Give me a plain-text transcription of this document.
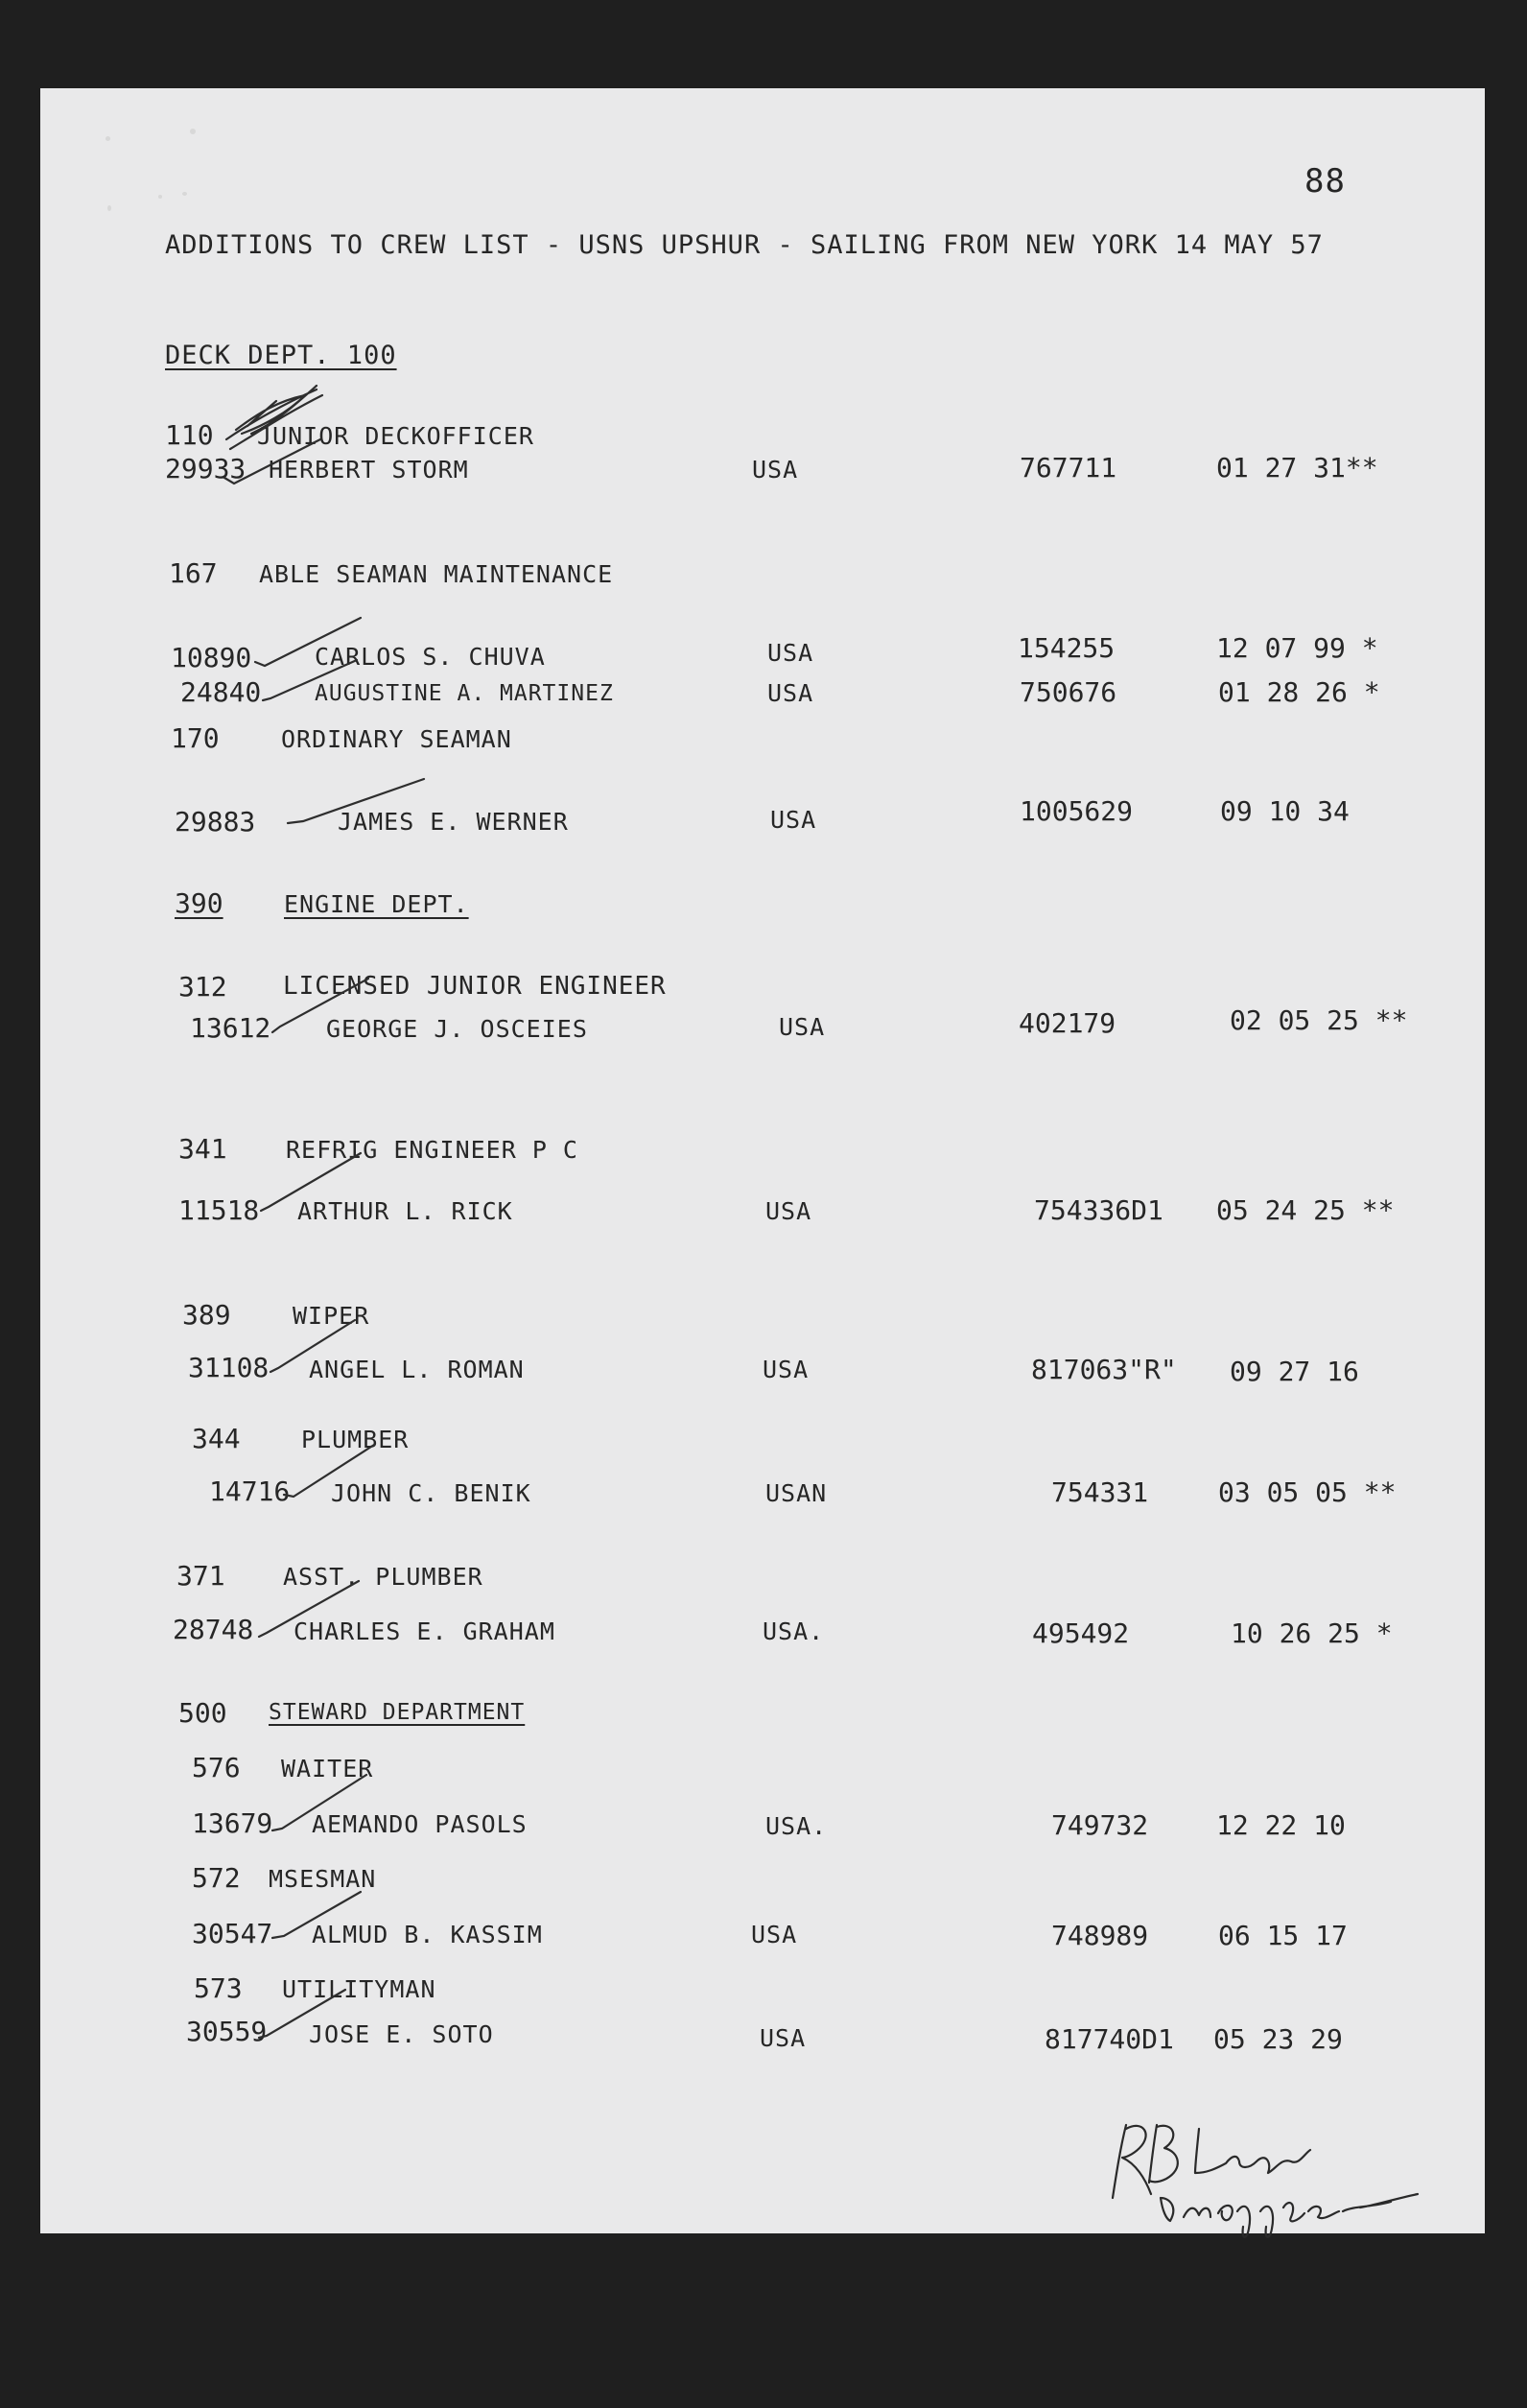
88
ADDITIONS TO CREW LIST - USNS UPSHUR - SAILING FROM NEW YORK 14 MAY 57
DECK DEPT. 100
110 JUNIOR DECKOFFICER
29933 HERBERT STORM	USA	767711	01 27 31**
167 ABLE SEAMAN MAINTENANCE
10890	CARLOS S. CHUVA	USA	154255	12 07 99 *
24840 AUGUSTINE A. MARTINEZ	USA	750676	01 28 26 *
170	ORDINARY SEAMAN
29883	JAMES E. WERNER	USA	1005629	09 10 34
390	ENGINE DEPT.
312 LICENSED JUNIOR ENGINEER
13612 GEORGE J. OSCEIES	USA	402179	02 05 25 **
341 REFRIG ENGINEER P C
11518 ARTHUR L. RICK	USA	754336D1 05 24 25 **
389	WIPER
31108 ANGEL L. ROMAN	USA	817063"R" 09 27 16
344	PLUMBER
14716 JOHN C. BENIK	USAN	754331	03 05 05 **
371 ASST. PLUMBER
28748 CHARLES E. GRAHAM	USA.	495492	10 26 25 *
500 STEWARD DEPARTMENT
576 WAITER
13679 AEMANDO PASOLS	USA.	749732	12 22 10
572 MSESMAN
30547 ALMUD B. KASSIM	USA	748989	06 15 17
573 UTILITYMAN
30559 JOSE E. SOTO	USA	817740D1 05 23 29
